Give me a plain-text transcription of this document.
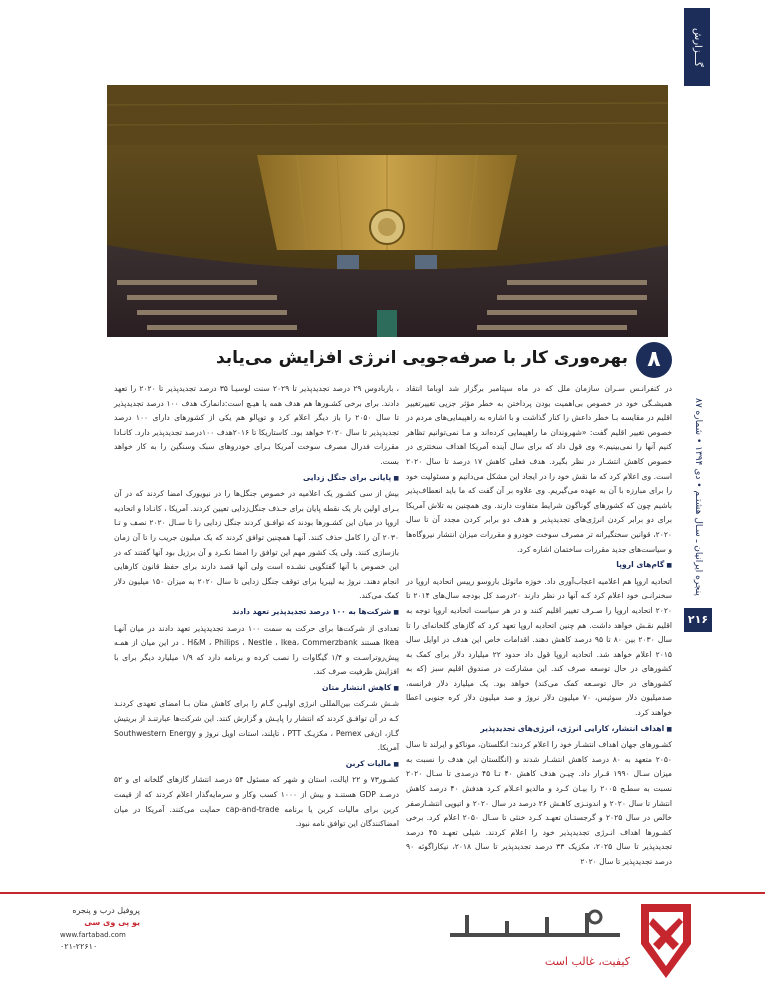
گـــزارش
۸
بهره‌وری کار با صرفه‌جویی انرژی افزایش می‌یابد
پنجره ایرانیان ـ سـال هشتـم • دی ۱۳۹۴ • شماره ۸۷
۲۱۶

در کنفرانـس سـران سازمان ملل که در ماه سپتامبر برگزار شد اوباما انتقاد همیشـگی خود در خصوص بی‌اهمیت بودن پرداختن به خطر مؤثر جزیی تغییرتغییر اقلیم در مقایسه بـا خطر داعش را کنار گذاشت و با اشاره به راهپیمایی‌های مردم در خصوص تغییر اقلیم گفت: «شهروندان ما راهپیمایی کرده‌اند و مـا نمی‌توانیم تظاهر کنیم آنها را نمی‌بینیم.» وی قول داد که برای سال آینده آمریکا اهداف سختتری در خصوص کاهش انتشـار در نظر بگیرد. هدف فعلی کاهش ۱۷ درصد تا سال ۲۰۲۰ است. وی اعلام کرد که ما نقش خود را در ایجاد این مشکل می‌دانیم و مسئولیت خود را برای مبارزه با آن به عهده می‌گیریم. وی علاوه بر آن گفت که ما باید انعطاف‌پذیر باشیم چون که کشورهای گوناگون شرایط متفاوت دارند. وی همچنین به تلاش آمریکا برای دو برابر کردن انرژی‌های تجدیدپذیر و هدف دو برابر کردن مجدد آن تا سال ۲۰۲۰، قوانین سختگیرانه تر مصرف سوخت خودرو و مقررات میزان انتشار نیروگاه‌ها و سیاست‌های جدید مقررات ساختمان اشاره کرد.

■ گام‌های اروپا

اتحادیه اروپا هم اعلامیه اعجاب‌آوری داد. خوزه مانوئل باروسو رییس اتحادیه اروپا در سخنرانـی خود اعلام کرد کـه آنها در نظر دارند ۲۰درصد کل بودجه سال‌های ۲۰۱۴ تا ۲۰۲۰ اتحادیه اروپا را صـرف تغییر اقلیم کنند و در هر سیاست اتحادیه اروپا توجه به اقلیم نقـش خواهد داشت. هم چنین اتحادیه اروپا تعهد کرد که گازهای گلخانه‌ای را تا سال ۲۰۳۰ بین ۸۰ تا ۹۵ درصد کاهش دهند. اقدامات خاص این هدف در اوایل سال ۲۰۱۵ اعلام خواهد شد. اتحادیه اروپا قول داد حدود ۲۲ میلیارد دلار برای کمک به کشورهای در حال توسعه صرف کند. این مشارکت در صندوق اقلیم سبز (که به کشورهای در حال توسـعه کمک می‌کند) خواهد بود. یک میلیارد دلار فرانسه، صدمیلیون دلار سوئیس، ۷۰ میلیون دلار نروژ و صد میلیون دلار کره جنوبی اعطا خواهند کرد.

■ اهداف انتشار، کارایی انرژی، انرژی‌های تجدیدپذیر

کشـورهای جهان اهداف انتشـار خود را اعلام کردند: انگلستان، موناکو و ایرلند تا سال ۲۰۵۰ متعهد به ۸۰ درصد کاهش انتشـار شدند و (انگلستان این هدف را نسبت به میزان سـال ۱۹۹۰ قـرار داد. چیـن هدف کاهش ۴۰ تـا ۴۵ درصدی تا سـال ۲۰۲۰ نسبت به سطـح ۲۰۰۵ را بیـان کـرد و مالدیو اعـلام کـرد هدفش ۴۰ درصد کاهش انتشار تا سال ۲۰۲۰ و اندونـزی کاهـش ۲۶ درصد در سال ۲۰۲۰ و اتیوپی انتشـارصفر خالص در سال ۲۰۲۵ و گرجستـان تعهـد کـرد خنثی تا سـال ۲۰۵۰ اعلام کرد. برخی کشـورها اهداف انـرژی تجدیدپذیر خود را اعلام کردند. شیلی تعهـد ۴۵ درصد تجدیدپذیر تا سال ۲۰۲۵، مکزیک ۳۳ درصد تجدیدپذیر تا سال ۲۰۱۸، نیکاراگوئه ۹۰ درصد تجدیدپذیر تا سال ۲۰۲۰

، باربادوس ۲۹ درصد تجدیدپذیر تا ۲۰۲۹ سنت لوسیـا ۳۵ درصد تجدیدپذیر تا ۲۰۲۰ را تعهد دادند. برای برخی کشـورها هم هدف همه یا هیـچ است:دانمارک هدف ۱۰۰ درصد تجدیدپذیر تا سال ۲۰۵۰ را باز دیگر اعلام کرد و توپالو هم یکی از کشورهای دارای ۱۰۰ درصد تجدیدپذیر تا سال ۲۰۲۰ خواهد بود. کاستاریکا تا ۲۰۱۶هدف ۱۰۰درصد تجدیدپذیر دارد. کانـادا مقررات فدرال مصرف سوخت آمریکا بـرای خودروهای سبک وسنگین را به کار خواهد بست.

■ پایانی برای جنگل زدایی

بیش از سی کشـور یک اعلامیه در خصوص جنگل‌ها را در نیویورک امضا کردند که در آن بـرای اولین بار یک نقطه پایان برای حـذف جنگل‌زدایی تعیین کردند. آمریکا ، کانـادا و اتحادیه اروپا در میان این کشـورها بودند که توافـق کردند جنگل زدایی را تا سـال ۲۰۲۰ نصف و تـا ۲۰۳۰ آن را کامل حذف کنند. آنهـا همچنین توافق کردند که یک میلیون جریب را تا آن زمان بازسازی کنند. ولی یک کشور مهم این توافق را امضا نکـرد و آن برزیل بود آنها گفتند که در این خصوص با آنها گفتگویی نشـده است ولی آنها قصد دارند برای حفظ قانون کارهایی انجام دهند. نروژ به لیبریا برای توقف جنگل زدایی تا سال ۲۰۲۰ به میزان ۱۵۰ میلیون دلار کمک می‌کند.

■ شرکت‌ها به ۱۰۰ درصد تجدیدپذیر تعهد دادند

تعدادی از شرکت‌ها برای حرکت به سمت ۱۰۰ درصد تجدیدپذیر تعهد دادند در میان آنهـا Ikea هستند H&M ، Philips ، Nestle ، Ikea، Commerzbank . در این میان از همـه پیش‌روتراسـت و ۱/۴ گیگاوات را نصب کرده و برنامه دارد که ۱/۹ میلیارد دیگر برای با افزایش ظرفیت صرف کند.

■ کاهش انتشار متان

شـش شـرکت بین‌المللی انرژی اولیـن گـام را برای کاهش متان بـا امضای تعهدی کردنـد کـه در آن توافـق کردند که انتشار را پایـش و گزارش کنند. این شرکت‌ها عبارتنـد از بریتیش گـاز، ان‌فی Pemex ، مکزیـک PTT ، تایلند، استات اویل نروژ و Southwestern Energy آمریکا.

■ مالیات کربن

کشـور۷۳ و ۲۲ ایالت، استان و شهر که مسئول ۵۴ درصد انتشار گازهای گلخانه ای و ۵۲ درصـد GDP هستنـد و بیش از ۱۰۰۰ کسب وکار و سرمایه‌گذار اعلام کردند که از قیمت کربن برای مالیات کربن یا برنامه cap-and-trade حمایت می‌کنند. آمریکا در میان امضاکنندگان این توافق نامه نبود.

پروفیل درب و پنجره
یو پی وی سی
www.fartabad.com
۰۲۱-۲۲۶۱۰
کیفیت، غالب است
